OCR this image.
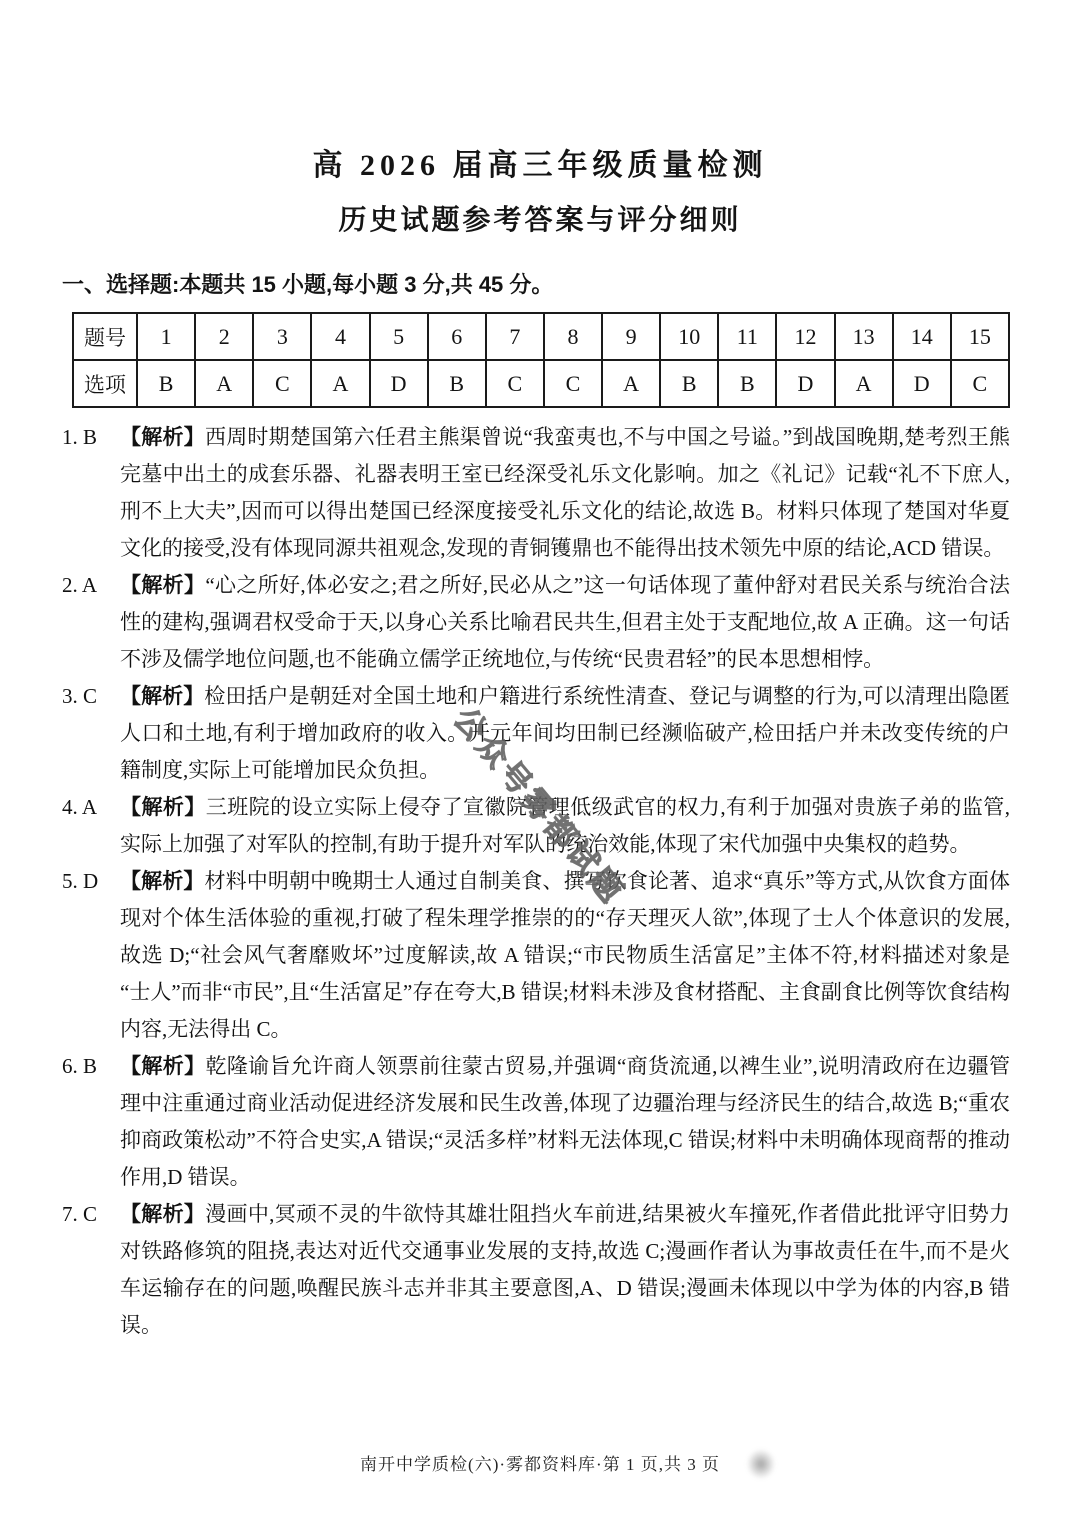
公众号雾都试题
高 2026 届高三年级质量检测
历史试题参考答案与评分细则
一、选择题:本题共 15 小题,每小题 3 分,共 45 分。
题号	1	2	3	4	5	6	7	8	9	10	11	12	13	14	15
选项	B	A	C	A	D	B	C	C	A	B	B	D	A	D	C
1. B	【解析】西周时期楚国第六任君主熊渠曾说“我蛮夷也,不与中国之号谥。”到战国晚期,楚考烈王熊完墓中出土的成套乐器、礼器表明王室已经深受礼乐文化影响。加之《礼记》记载“礼不下庶人,刑不上大夫”,因而可以得出楚国已经深度接受礼乐文化的结论,故选 B。材料只体现了楚国对华夏文化的接受,没有体现同源共祖观念,发现的青铜镬鼎也不能得出技术领先中原的结论,ACD 错误。

2. A	【解析】“心之所好,体必安之;君之所好,民必从之”这一句话体现了董仲舒对君民关系与统治合法性的建构,强调君权受命于天,以身心关系比喻君民共生,但君主处于支配地位,故 A 正确。这一句话不涉及儒学地位问题,也不能确立儒学正统地位,与传统“民贵君轻”的民本思想相悖。

3. C	【解析】检田括户是朝廷对全国土地和户籍进行系统性清查、登记与调整的行为,可以清理出隐匿人口和土地,有利于增加政府的收入。开元年间均田制已经濒临破产,检田括户并未改变传统的户籍制度,实际上可能增加民众负担。

4. A	【解析】三班院的设立实际上侵夺了宣徽院管理低级武官的权力,有利于加强对贵族子弟的监管,实际上加强了对军队的控制,有助于提升对军队的统治效能,体现了宋代加强中央集权的趋势。

5. D	【解析】材料中明朝中晚期士人通过自制美食、撰写饮食论著、追求“真乐”等方式,从饮食方面体现对个体生活体验的重视,打破了程朱理学推崇的的“存天理灭人欲”,体现了士人个体意识的发展,故选 D;“社会风气奢靡败坏”过度解读,故 A 错误;“市民物质生活富足”主体不符,材料描述对象是“士人”而非“市民”,且“生活富足”存在夸大,B 错误;材料未涉及食材搭配、主食副食比例等饮食结构内容,无法得出 C。

6. B	【解析】乾隆谕旨允许商人领票前往蒙古贸易,并强调“商货流通,以裨生业”,说明清政府在边疆管理中注重通过商业活动促进经济发展和民生改善,体现了边疆治理与经济民生的结合,故选 B;“重农抑商政策松动”不符合史实,A 错误;“灵活多样”材料无法体现,C 错误;材料中未明确体现商帮的推动作用,D 错误。

7. C	【解析】漫画中,冥顽不灵的牛欲恃其雄壮阻挡火车前进,结果被火车撞死,作者借此批评守旧势力对铁路修筑的阻挠,表达对近代交通事业发展的支持,故选 C;漫画作者认为事故责任在牛,而不是火车运输存在的问题,唤醒民族斗志并非其主要意图,A、D 错误;漫画未体现以中学为体的内容,B 错误。

南开中学质检(六)·雾都资料库·第 1 页,共 3 页
